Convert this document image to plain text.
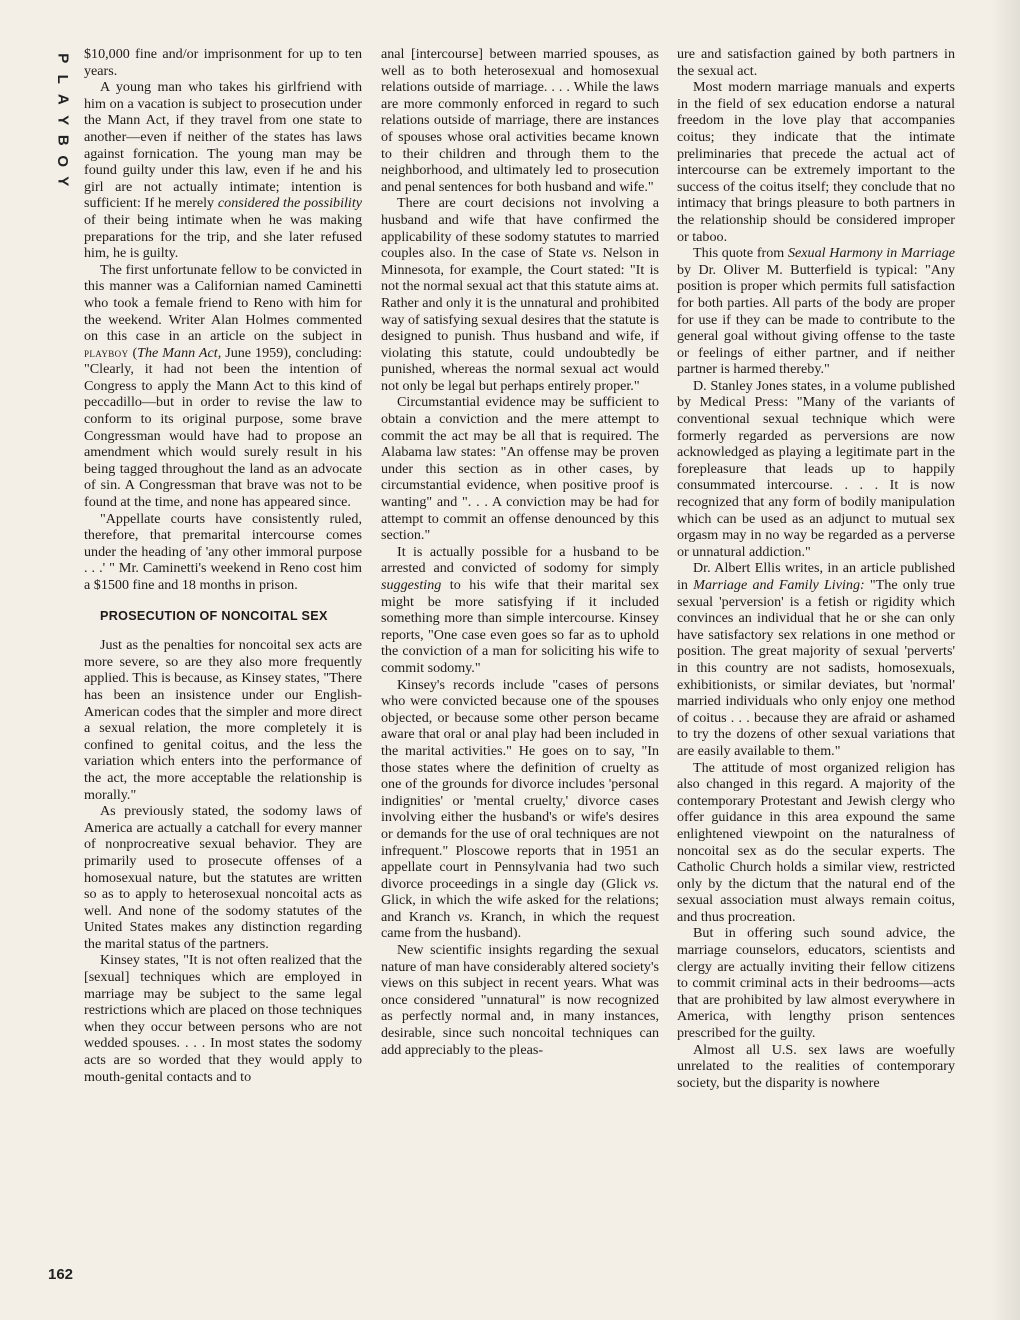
P
L
A
Y
B
O
Y
162

$10,000 fine and/or imprisonment for up to ten years.

A young man who takes his girlfriend with him on a vacation is subject to prosecution under the Mann Act, if they travel from one state to another—even if neither of the states has laws against fornication. The young man may be found guilty under this law, even if he and his girl are not actually intimate; intention is sufficient: If he merely considered the possibility of their being intimate when he was making preparations for the trip, and she later refused him, he is guilty.

The first unfortunate fellow to be convicted in this manner was a Californian named Caminetti who took a female friend to Reno with him for the weekend. Writer Alan Holmes commented on this case in an article on the subject in playboy (The Mann Act, June 1959), concluding: "Clearly, it had not been the intention of Congress to apply the Mann Act to this kind of peccadillo—but in order to revise the law to conform to its original purpose, some brave Congressman would have had to propose an amendment which would surely result in his being tagged throughout the land as an advocate of sin. A Congressman that brave was not to be found at the time, and none has appeared since.

"Appellate courts have consistently ruled, therefore, that premarital intercourse comes under the heading of 'any other immoral purpose . . .' " Mr. Caminetti's weekend in Reno cost him a $1500 fine and 18 months in prison.

PROSECUTION OF NONCOITAL SEX

Just as the penalties for noncoital sex acts are more severe, so are they also more frequently applied. This is because, as Kinsey states, "There has been an insistence under our English-American codes that the simpler and more direct a sexual relation, the more completely it is confined to genital coitus, and the less the variation which enters into the performance of the act, the more acceptable the relationship is morally."

As previously stated, the sodomy laws of America are actually a catchall for every manner of nonprocreative sexual behavior. They are primarily used to prosecute offenses of a homosexual nature, but the statutes are written so as to apply to heterosexual noncoital acts as well. And none of the sodomy statutes of the United States makes any distinction regarding the marital status of the partners.

Kinsey states, "It is not often realized that the [sexual] techniques which are employed in marriage may be subject to the same legal restrictions which are placed on those techniques when they occur between persons who are not wedded spouses. . . . In most states the sodomy acts are so worded that they would apply to mouth-genital contacts and to

anal [intercourse] between married spouses, as well as to both heterosexual and homosexual relations outside of marriage. . . . While the laws are more commonly enforced in regard to such relations outside of marriage, there are instances of spouses whose oral activities became known to their children and through them to the neighborhood, and ultimately led to prosecution and penal sentences for both husband and wife."

There are court decisions not involving a husband and wife that have confirmed the applicability of these sodomy statutes to married couples also. In the case of State vs. Nelson in Minnesota, for example, the Court stated: "It is not the normal sexual act that this statute aims at. Rather and only it is the unnatural and prohibited way of satisfying sexual desires that the statute is designed to punish. Thus husband and wife, if violating this statute, could undoubtedly be punished, whereas the normal sexual act would not only be legal but perhaps entirely proper."

Circumstantial evidence may be sufficient to obtain a conviction and the mere attempt to commit the act may be all that is required. The Alabama law states: "An offense may be proven under this section as in other cases, by circumstantial evidence, when positive proof is wanting" and ". . . A conviction may be had for attempt to commit an offense denounced by this section."

It is actually possible for a husband to be arrested and convicted of sodomy for simply suggesting to his wife that their marital sex might be more satisfying if it included something more than simple intercourse. Kinsey reports, "One case even goes so far as to uphold the conviction of a man for soliciting his wife to commit sodomy."

Kinsey's records include "cases of persons who were convicted because one of the spouses objected, or because some other person became aware that oral or anal play had been included in the marital activities." He goes on to say, "In those states where the definition of cruelty as one of the grounds for divorce includes 'personal indignities' or 'mental cruelty,' divorce cases involving either the husband's or wife's desires or demands for the use of oral techniques are not infrequent." Ploscowe reports that in 1951 an appellate court in Pennsylvania had two such divorce proceedings in a single day (Glick vs. Glick, in which the wife asked for the relations; and Kranch vs. Kranch, in which the request came from the husband).

New scientific insights regarding the sexual nature of man have considerably altered society's views on this subject in recent years. What was once considered "unnatural" is now recognized as perfectly normal and, in many instances, desirable, since such noncoital techniques can add appreciably to the pleas-

ure and satisfaction gained by both partners in the sexual act.

Most modern marriage manuals and experts in the field of sex education endorse a natural freedom in the love play that accompanies coitus; they indicate that the intimate preliminaries that precede the actual act of intercourse can be extremely important to the success of the coitus itself; they conclude that no intimacy that brings pleasure to both partners in the relationship should be considered improper or taboo.

This quote from Sexual Harmony in Marriage by Dr. Oliver M. Butterfield is typical: "Any position is proper which permits full satisfaction for both parties. All parts of the body are proper for use if they can be made to contribute to the general goal without giving offense to the taste or feelings of either partner, and if neither partner is harmed thereby."

D. Stanley Jones states, in a volume published by Medical Press: "Many of the variants of conventional sexual technique which were formerly regarded as perversions are now acknowledged as playing a legitimate part in the forepleasure that leads up to happily consummated intercourse. . . . It is now recognized that any form of bodily manipulation which can be used as an adjunct to mutual sex orgasm may in no way be regarded as a perverse or unnatural addiction."

Dr. Albert Ellis writes, in an article published in Marriage and Family Living: "The only true sexual 'perversion' is a fetish or rigidity which convinces an individual that he or she can only have satisfactory sex relations in one method or position. The great majority of sexual 'perverts' in this country are not sadists, homosexuals, exhibitionists, or similar deviates, but 'normal' married individuals who only enjoy one method of coitus . . . because they are afraid or ashamed to try the dozens of other sexual variations that are easily available to them."

The attitude of most organized religion has also changed in this regard. A majority of the contemporary Protestant and Jewish clergy who offer guidance in this area expound the same enlightened viewpoint on the naturalness of noncoital sex as do the secular experts. The Catholic Church holds a similar view, restricted only by the dictum that the natural end of the sexual association must always remain coitus, and thus procreation.

But in offering such sound advice, the marriage counselors, educators, scientists and clergy are actually inviting their fellow citizens to commit criminal acts in their bedrooms—acts that are prohibited by law almost everywhere in America, with lengthy prison sentences prescribed for the guilty.

Almost all U.S. sex laws are woefully unrelated to the realities of contemporary society, but the disparity is nowhere
